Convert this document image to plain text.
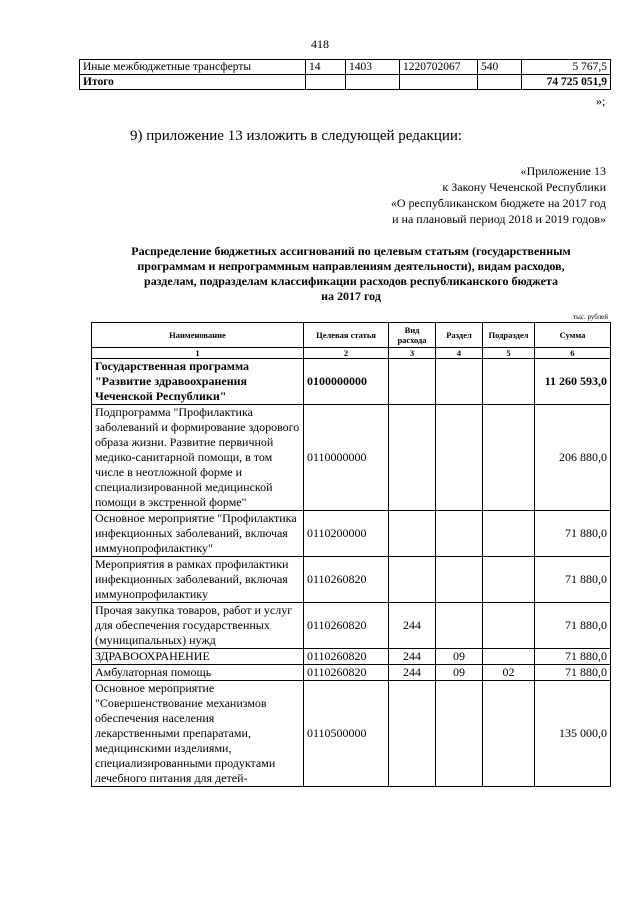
418
Иные межбюджетные трансферты	14	1403	1220702067	540	5 767,5
Итого					74 725 051,9
»;
9) приложение 13 изложить в следующей редакции:
«Приложение 13
к Закону Чеченской Республики
«О республиканском бюджете на 2017 год
и на плановый период 2018 и 2019 годов»
Распределение бюджетных ассигнований по целевым статьям (государственным
программам и непрограммным направлениям деятельности), видам расходов,
разделам, подразделам классификации расходов республиканского бюджета
на 2017 год
тыс. рублей
Наименование	Целевая статья	Вид расхода	Раздел	Подраздел	Сумма
1	2	3	4	5	6
Государственная программа "Развитие здравоохранения Чеченской Республики"	0100000000				11 260 593,0
Подпрограмма "Профилактика заболеваний и формирование здорового образа жизни. Развитие первичной медико-санитарной помощи, в том числе в неотложной форме и специализированной медицинской помощи в экстренной форме"	0110000000				206 880,0
Основное мероприятие "Профилактика инфекционных заболеваний, включая иммунопрофилактику"	0110200000				71 880,0
Мероприятия в рамках профилактики инфекционных заболеваний, включая иммунопрофилактику	0110260820				71 880,0
Прочая закупка товаров, работ и услуг для обеспечения государственных (муниципальных) нужд	0110260820	244			71 880,0
ЗДРАВООХРАНЕНИЕ	0110260820	244	09		71 880,0
Амбулаторная помощь	0110260820	244	09	02	71 880,0
Основное мероприятие "Совершенствование механизмов обеспечения населения лекарственными препаратами, медицинскими изделиями, специализированными продуктами лечебного питания для детей-	0110500000				135 000,0
